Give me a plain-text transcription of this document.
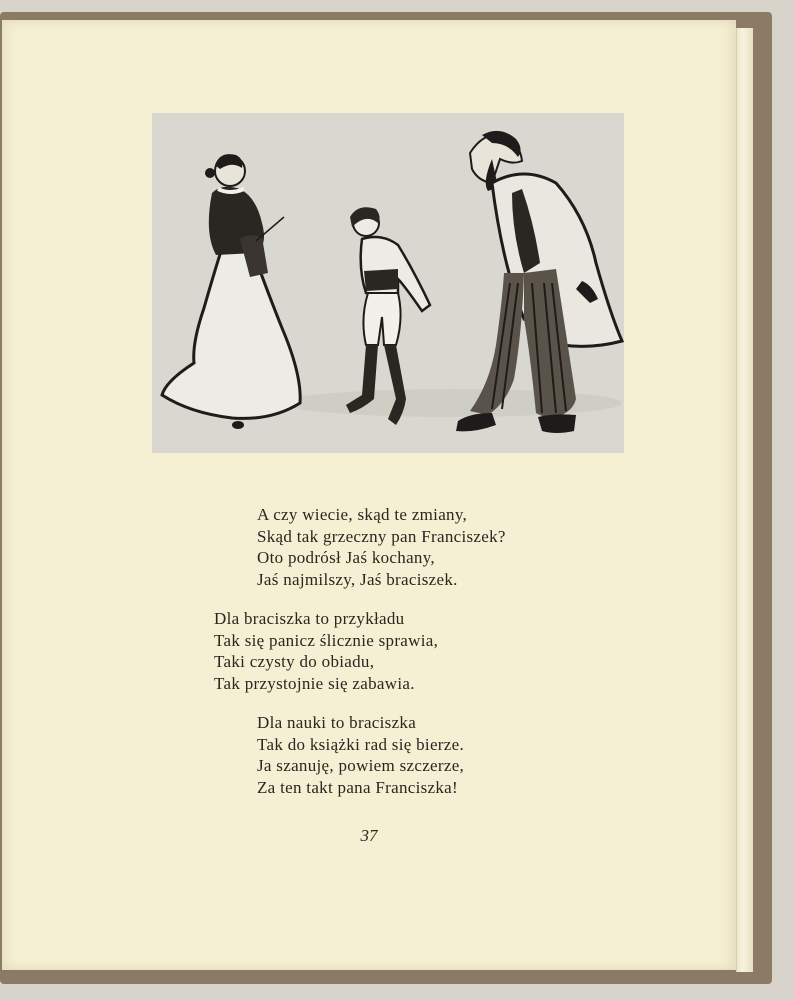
A czy wiecie, skąd te zmiany,
Skąd tak grzeczny pan Franciszek?
Oto podrósł Jaś kochany,
Jaś najmilszy, Jaś braciszek.
Dla braciszka to przykładu
Tak się panicz ślicznie sprawia,
Taki czysty do obiadu,
Tak przystojnie się zabawia.
Dla nauki to braciszka
Tak do książki rad się bierze.
Ja szanuję, powiem szczerze,
Za ten takt pana Franciszka!
37
